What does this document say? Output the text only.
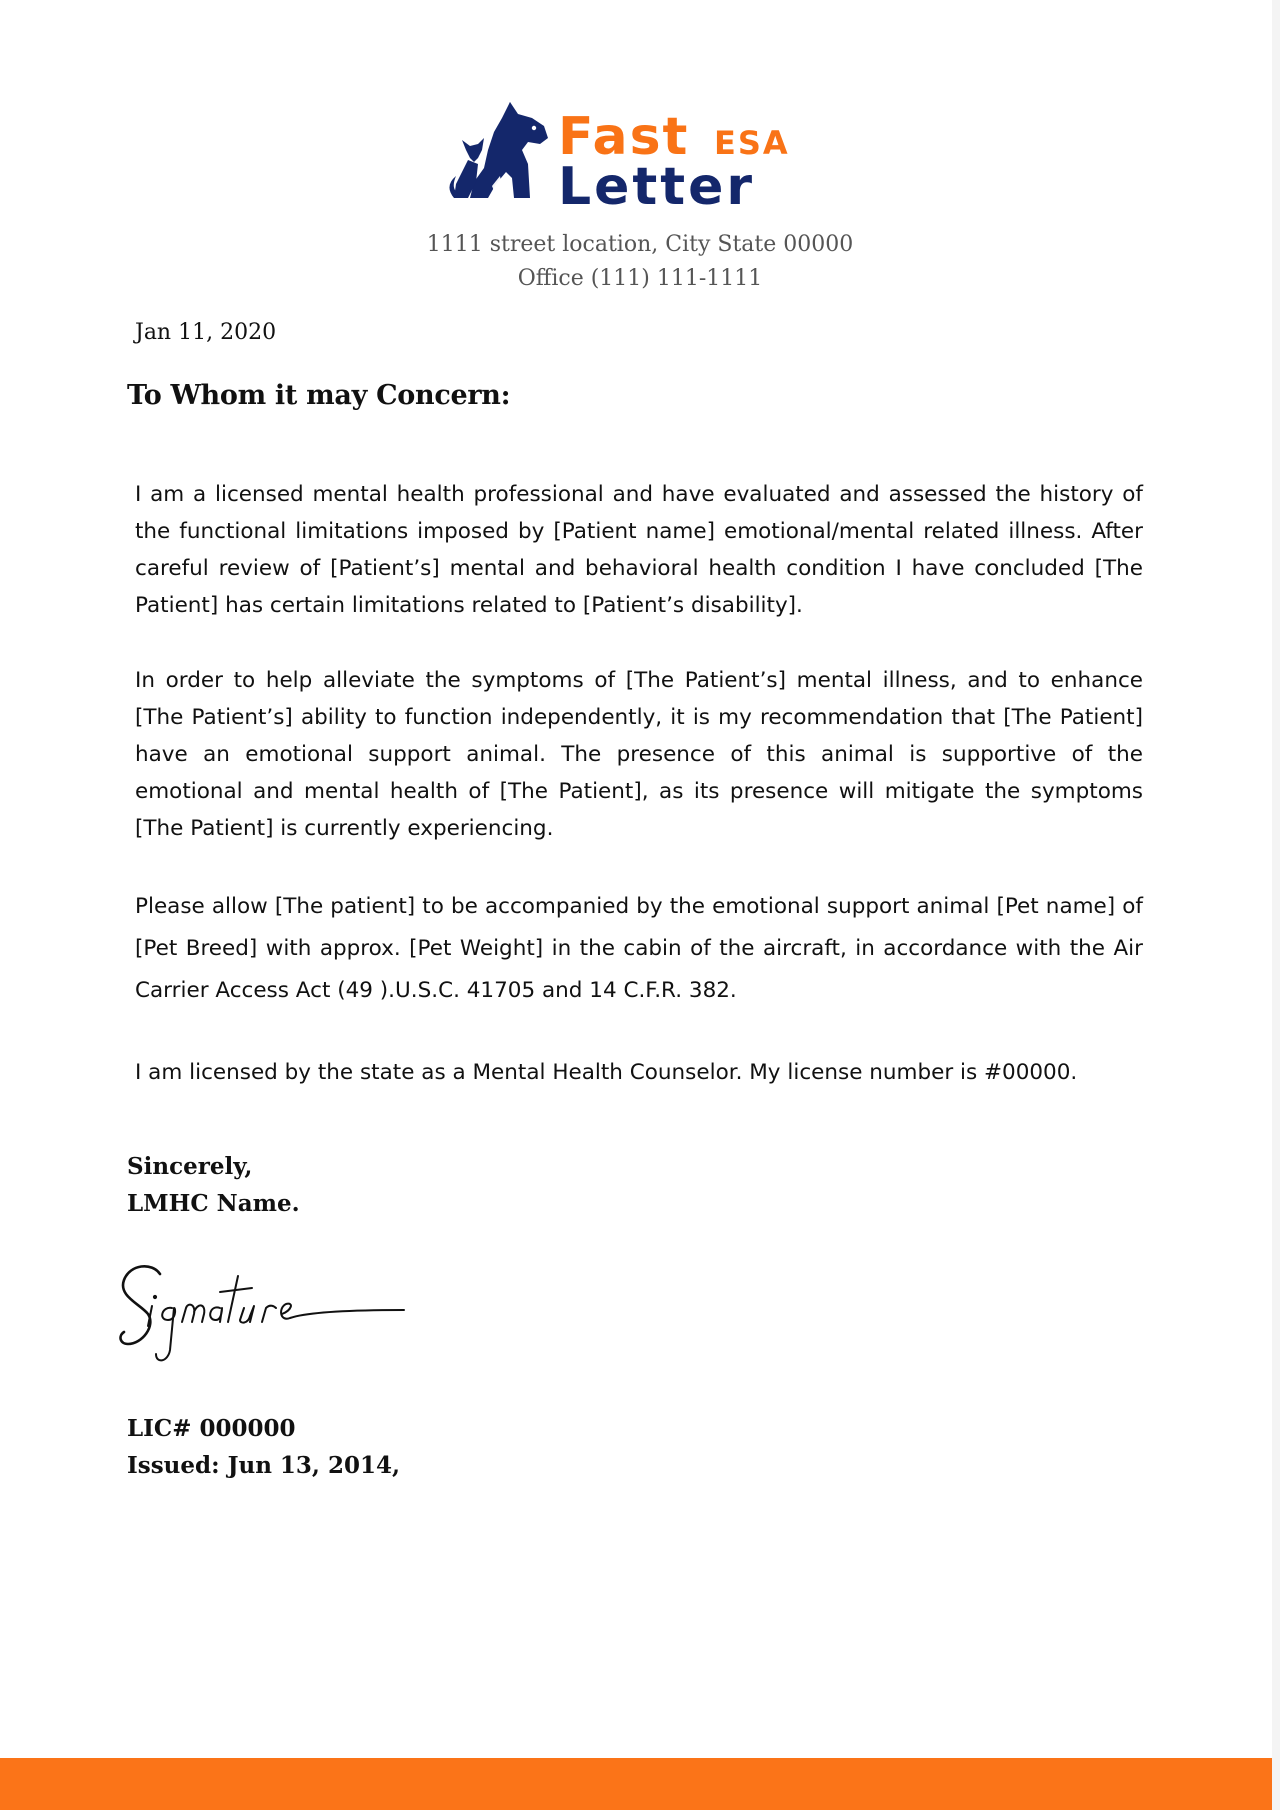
Fast ESA
Letter
1111 street location, City State 00000
Office (111) 111-1111
Jan 11, 2020
To Whom it may Concern:

I am a licensed mental health professional and have evaluated and assessed the history of the functional limitations imposed by [Patient name] emotional/mental related illness. After careful review of [Patient’s] mental and behavioral health condition I have concluded [The Patient] has certain limitations related to [Patient’s disability].

In order to help alleviate the symptoms of [The Patient’s] mental illness, and to enhance [The Patient’s] ability to function independently, it is my recommendation that [The Patient] have an emotional support animal. The presence of this animal is supportive of the emotional and mental health of [The Patient], as its presence will mitigate the symptoms [The Patient] is currently experiencing.

Please allow [The patient] to be accompanied by the emotional support animal [Pet name] of [Pet Breed] with approx. [Pet Weight] in the cabin of the aircraft, in accordance with the Air Carrier Access Act (49 ).U.S.C. 41705 and 14 C.F.R. 382.

I am licensed by the state as a Mental Health Counselor. My license number is #00000.

Sincerely,
LMHC Name.
LIC# 000000
Issued: Jun 13, 2014,
